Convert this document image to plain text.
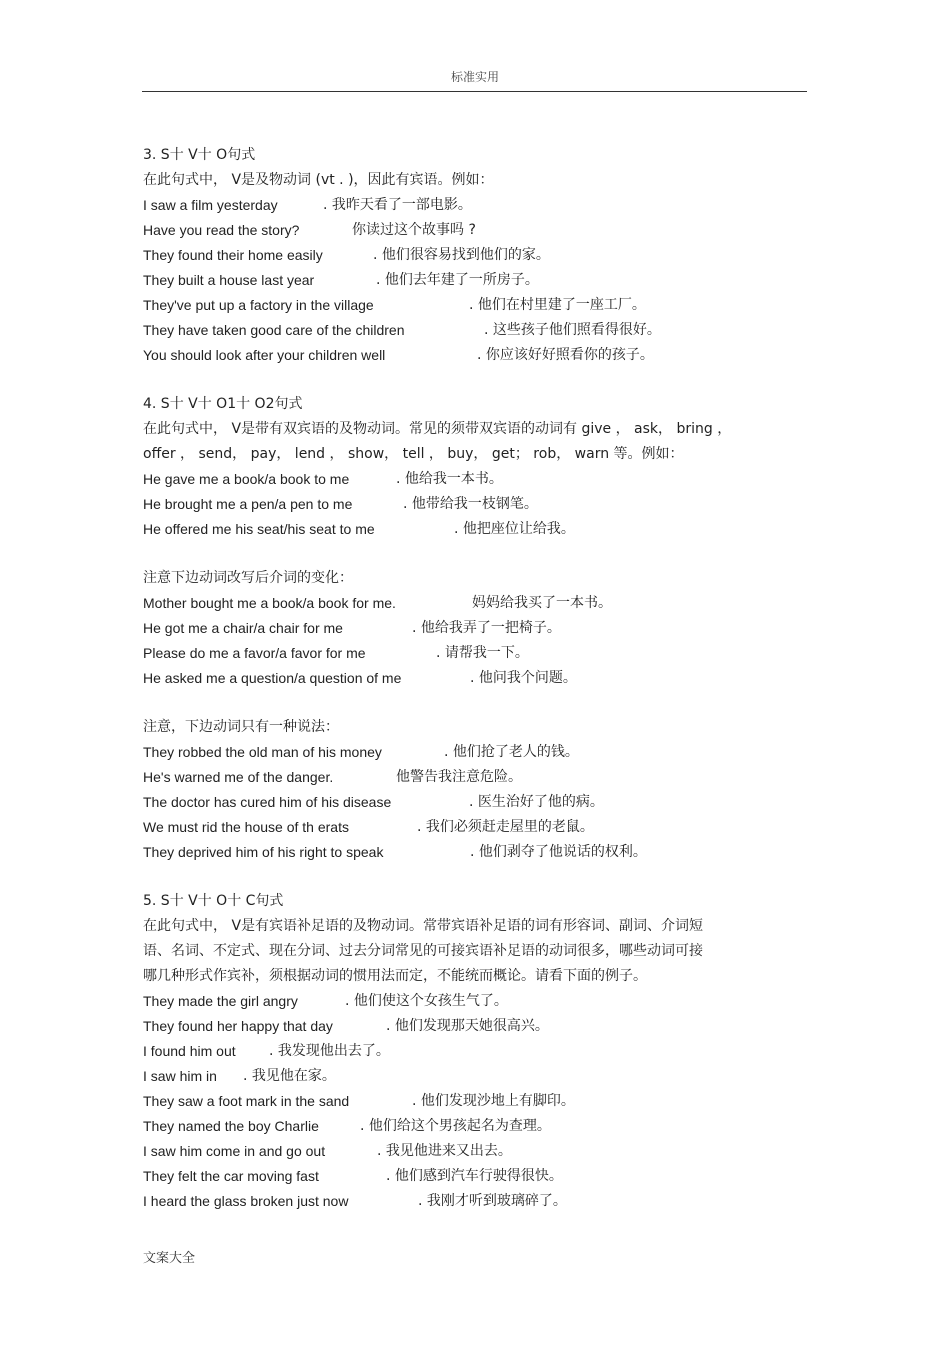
标准实用
3. S十 V十 O句式
在此句式中， V是及物动词 (vt . )，因此有宾语。例如：
I saw a film yesterday	. 我昨天看了一部电影。
Have you read the story?	你读过这个故事吗 ?
They found their home easily	. 他们很容易找到他们的家。
They built a house last year	. 他们去年建了一所房子。
They've put up a factory in the village	. 他们在村里建了一座工厂。
They have taken good care of the children	. 这些孩子他们照看得很好。
You should look after your children well	. 你应该好好照看你的孩子。
4. S十 V十 O1十 O2句式
在此句式中， V是带有双宾语的及物动词。常见的须带双宾语的动词有 give ， ask， bring ，
offer ， send， pay， lend ， show， tell ， buy， get； rob， warn 等。例如：
He gave me a book/a book to me	. 他给我一本书。
He brought me a pen/a pen to me	. 他带给我一枝钢笔。
He offered me his seat/his seat to me	. 他把座位让给我。
注意下边动词改写后介词的变化：
Mother bought me a book/a book for me.	妈妈给我买了一本书。
He got me a chair/a chair for me	. 他给我弄了一把椅子。
Please do me a favor/a favor for me	. 请帮我一下。
He asked me a question/a question of me	. 他问我个问题。
注意，下边动词只有一种说法：
They robbed the old man of his money	. 他们抢了老人的钱。
He's warned me of the danger.	他警告我注意危险。
The doctor has cured him of his disease	. 医生治好了他的病。
We must rid the house of th erats	. 我们必须赶走屋里的老鼠。
They deprived him of his right to speak	. 他们剥夺了他说话的权利。
5. S十 V十 O十 C句式
在此句式中， V是有宾语补足语的及物动词。常带宾语补足语的词有形容词、副词、介词短
语、名词、不定式、现在分词、过去分词常见的可接宾语补足语的动词很多，哪些动词可接
哪几种形式作宾补，须根据动词的惯用法而定，不能统而概论。请看下面的例子。
They made the girl angry	. 他们使这个女孩生气了。
They found her happy that day	. 他们发现那天她很高兴。
I found him out . 我发现他出去了。
I saw him in . 我见他在家。
They saw a foot mark in the sand	. 他们发现沙地上有脚印。
They named the boy Charlie	. 他们给这个男孩起名为查理。
I saw him come in and go out	. 我见他进来又出去。
They felt the car moving fast	. 他们感到汽车行驶得很快。
I heard the glass broken just now	. 我刚才听到玻璃碎了。
文案大全
